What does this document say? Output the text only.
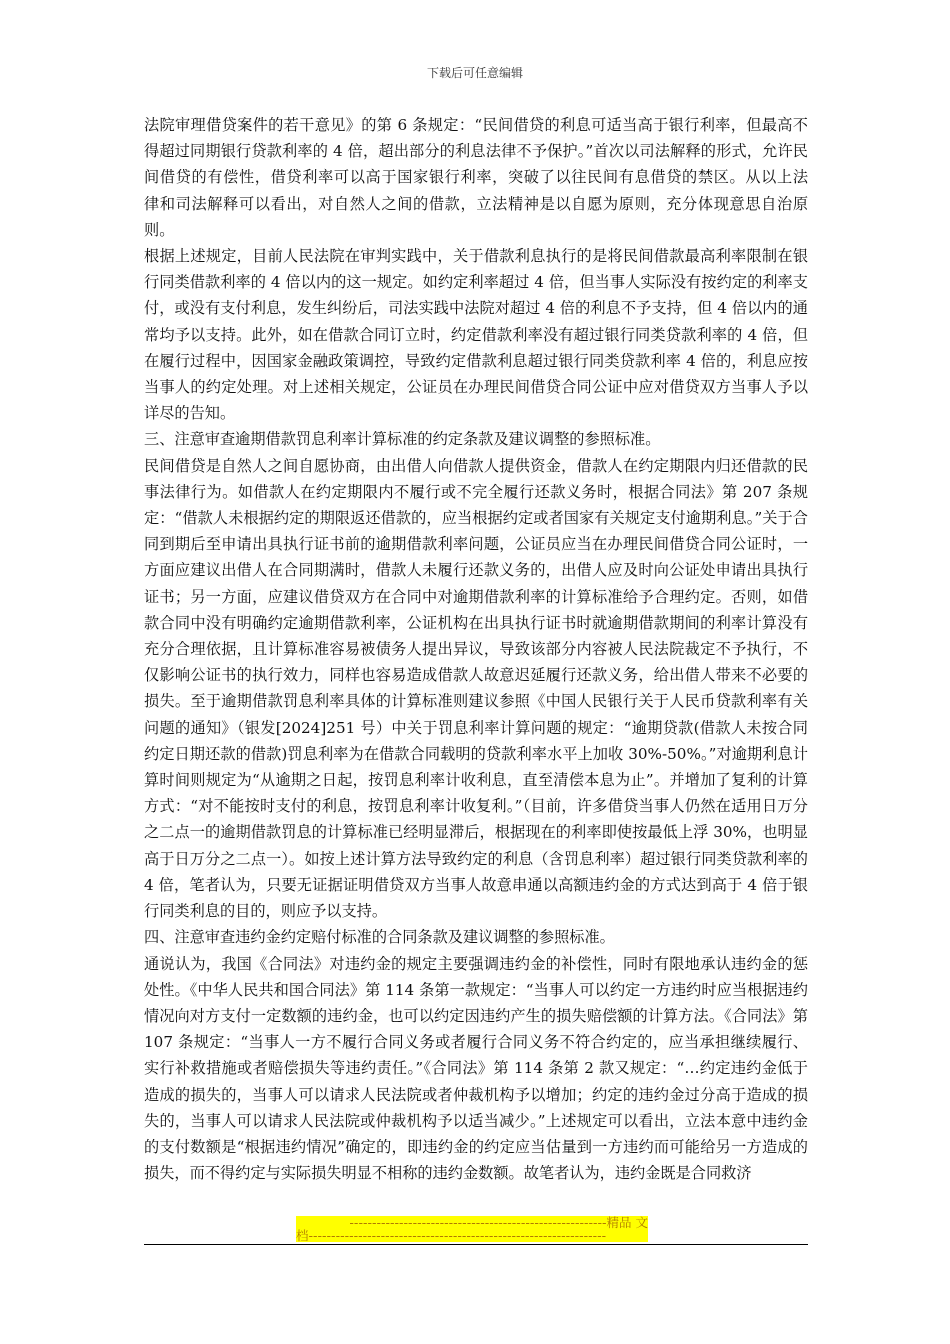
下载后可任意编辑

法院审理借贷案件的若干意见》的第 6 条规定：“民间借贷的利息可适当高于银行利率，但最高不得超过同期银行贷款利率的 4 倍，超出部分的利息法律不予保护。”首次以司法解释的形式，允许民间借贷的有偿性，借贷利率可以高于国家银行利率，突破了以往民间有息借贷的禁区。从以上法　律和司法解释可以看出，对自然人之间的借款，立法精神是以自愿为原则，充分体现意思自治原则。

根据上述规定，目前人民法院在审判实践中，关于借款利息执行的是将民间借款最高利率限制在银行同类借款利率的 4 倍以内的这一规定。如约定利率超过 4 倍，但当事人实际没有按约定的利率支付，或没有支付利息，发生纠纷后，司法实践中法院对超过 4 倍的利息不予支持，但 4 倍以内的通常均予以支持。此外，如在借款合同订立时，约定借款利率没有超过银行同类贷款利率的 4 倍，但在履行过程中，因国家金融政策调控，导致约定借款利息超过银行同类贷款利率 4 倍的，利息应按当事人的约定处理。对上述相关规定，公证员在办理民间借贷合同公证中应对借贷双方当事人予以详尽的告知。

三、注意审查逾期借款罚息利率计算标准的约定条款及建议调整的参照标准。

民间借贷是自然人之间自愿协商，由出借人向借款人提供资金，借款人在约定期限内归还借款的民事法律行为。如借款人在约定期限内不履行或不完全履行还款义务时，根据合同法》第 207 条规定：“借款人未根据约定的期限返还借款的，应当根据约定或者国家有关规定支付逾期利息。”关于合同到期后至申请出具执行证书前的逾期借款利率问题，公证员应当在办理民间借贷合同公证时，一方面应建议出借人在合同期满时，借款人未履行还款义务的，出借人应及时向公证处申请出具执行证书；另一方面，应建议借贷双方在合同中对逾期借款利率的计算标准给予合理约定。否则，如借款合同中没有明确约定逾期借款利率，公证机构在出具执行证书时就逾期借款期间的利率计算没有充分合理依据，且计算标准容易被债务人提出异议，导致该部分内容被人民法院裁定不予执行，不仅影响公证书的执行效力，同样也容易造成借款人故意迟延履行还款义务，给出借人带来不必要的损失。至于逾期借款罚息利率具体的计算标准则建议参照《中国人民银行关于人民币贷款利率有关问题的通知》（银发[2024]251 号）中关于罚息利率计算问题的规定：“逾期贷款(借款人未按合同约定日期还款的借款)罚息利率为在借款合同载明的贷款利率水平上加收 30%-50%。”对逾期利息计算时间则规定为“从逾期之日起，按罚息利率计收利息，直至清偿本息为止”。并增加了复利的计算方式：“对不能按时支付的利息，按罚息利率计收复利。”（目前，许多借贷当事人仍然在适用日万分之二点一的逾期借款罚息的计算标准已经明显滞后，根据现在的利率即使按最低上浮 30%，也明显高于日万分之二点一）。如按上述计算方法导致约定的利息（含罚息利率）超过银行同类贷款利率的 4 倍，笔者认为，只要无证据证明借贷双方当事人故意串通以高额违约金的方式达到高于 4 倍于银行同类利息的目的，则应予以支持。

四、注意审查违约金约定赔付标准的合同条款及建议调整的参照标准。

通说认为，我国《合同法》对违约金的规定主要强调违约金的补偿性，同时有限地承认违约金的惩处性。《中华人民共和国合同法》第 114 条第一款规定：“当事人可以约定一方违约时应当根据违约情况向对方支付一定数额的违约金，也可以约定因违约产生的损失赔偿额的计算方法。《合同法》第 107 条规定：“当事人一方不履行合同义务或者履行合同义务不符合约定的，应当承担继续履行、实行补救措施或者赔偿损失等违约责任。”《合同法》第 114 条第 2 款又规定：“…约定违约金低于造成的损失的，当事人可以请求人民法院或者仲裁机构予以增加；约定的违约金过分高于造成的损失的，当事人可以请求人民法院或仲裁机构予以适当减少。”上述规定可以看出，立法本意中违约金的支付数额是“根据违约情况”确定的，即违约金的约定应当估量到一方违约而可能给另一方造成的损失，而不得约定与实际损失明显不相称的违约金数额。故笔者认为，违约金既是合同救济

---------------------------------------------------------精品 文
档------------------------------------------------------------------
